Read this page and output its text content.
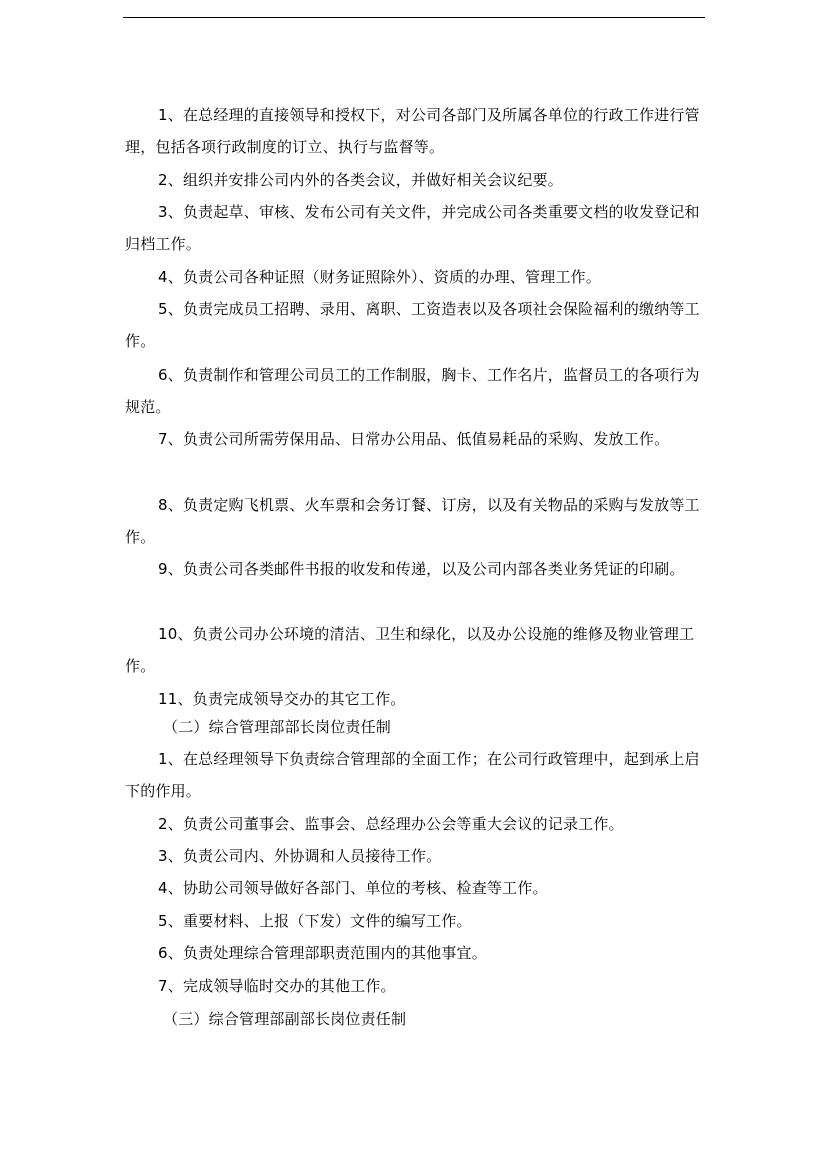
1、在总经理的直接领导和授权下，对公司各部门及所属各单位的行政工作进行管理，包括各项行政制度的订立、执行与监督等。

2、组织并安排公司内外的各类会议，并做好相关会议纪要。

3、负责起草、审核、发布公司有关文件，并完成公司各类重要文档的收发登记和归档工作。

4、负责公司各种证照（财务证照除外）、资质的办理、管理工作。

5、负责完成员工招聘、录用、离职、工资造表以及各项社会保险福利的缴纳等工作。

6、负责制作和管理公司员工的工作制服，胸卡、工作名片，监督员工的各项行为规范。

7、负责公司所需劳保用品、日常办公用品、低值易耗品的采购、发放工作。

8、负责定购飞机票、火车票和会务订餐、订房，以及有关物品的采购与发放等工作。

9、负责公司各类邮件书报的收发和传递，以及公司内部各类业务凭证的印刷。

10、负责公司办公环境的清洁、卫生和绿化，以及办公设施的维修及物业管理工作。

11、负责完成领导交办的其它工作。

（二）综合管理部部长岗位责任制

1、在总经理领导下负责综合管理部的全面工作；在公司行政管理中，起到承上启下的作用。

2、负责公司董事会、监事会、总经理办公会等重大会议的记录工作。

3、负责公司内、外协调和人员接待工作。

4、协助公司领导做好各部门、单位的考核、检查等工作。

5、重要材料、上报（下发）文件的编写工作。

6、负责处理综合管理部职责范围内的其他事宜。

7、完成领导临时交办的其他工作。

（三）综合管理部副部长岗位责任制
